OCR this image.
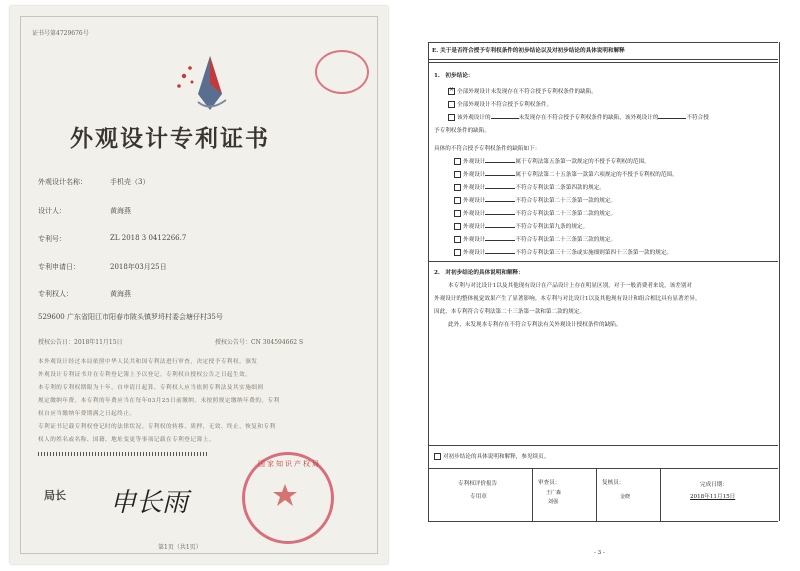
证书号第4729676号
外观设计专利证书
外观设计名称：	手机壳（3）
设计人：	黄海燕
专利号：	ZL 2018 3 0412266.7
专利申请日：	2018年03月25日
专利权人：	黄海燕
529600 广东省阳江市阳春市陂头镇罗埒村委会塘仔村35号
授权公告日：2018年11月15日	授权公告号：CN 304594662 S
本外观设计经过本局依照中华人民共和国专利法进行审查，决定授予专利权，颁发
外观设计专利证书并在专利登记簿上予以登记。专利权自授权公告之日起生效。
本专利的专利权期限为十年，自申请日起算。专利权人应当依照专利法及其实施细则
规定缴纳年费。本专利的年费应当在每年03月25日前缴纳。未按照规定缴纳年费的，专利
权自应当缴纳年费期满之日起终止。
专利证书记载专利权登记时的法律状况。专利权的转移、质押、无效、终止、恢复和专利
权人的姓名或名称、国籍、地址变更等事项记载在专利登记簿上。
局长 申长雨
国家知识产权局
第1页（共1页）
E. 关于是否符合授予专利权条件的初步结论以及对初步结论的具体说明和解释
1.　初步结论：
×全部外观设计未发现存在不符合授予专利权条件的缺陷。
全部外观设计不符合授予专利权条件。
该外观设计的	未发现存在不符合授予专利权条件的缺陷，该外观设计的	不符合授
予专利权条件的缺陷。
具体的不符合授予专利权条件的缺陷如下：
外观设计	属于专利法第五条第一款规定的不授予专利权的范围。
外观设计	属于专利法第二十五条第一款第六项规定的不授予专利权的范围。
外观设计	不符合专利法第二条第四款的规定。
外观设计	不符合专利法第二十三条第一款的规定。
外观设计	不符合专利法第二十三条第二款的规定。
外观设计	不符合专利法第九条的规定。
外观设计	不符合专利法第二十三条第三款的规定。
外观设计	不符合专利法第三十三条或实施细则第四十三条第一款的规定。
2.　对初步结论的具体说明和解释：
本专利与对比设计1以及其他现有设计在产品设计上存在明显区别，对于一般消费者来说，该差别对
外观设计的整体视觉效果产生了显著影响。本专利与对比设计1以及其他现有设计和组合相比具有显著差异。
因此，本专利符合专利法第二十三条第一款和第二款的规定。
此外，未发现本专利存在不符合专利法有关外观设计授权条件的缺陷。
对初步结论的具体说明和解释，参见续页。
专利权评价报告
专用章
审查员：
王广森
刘强
复核员：
金晓
完成日期：
2018年11月15日
- 3 -
